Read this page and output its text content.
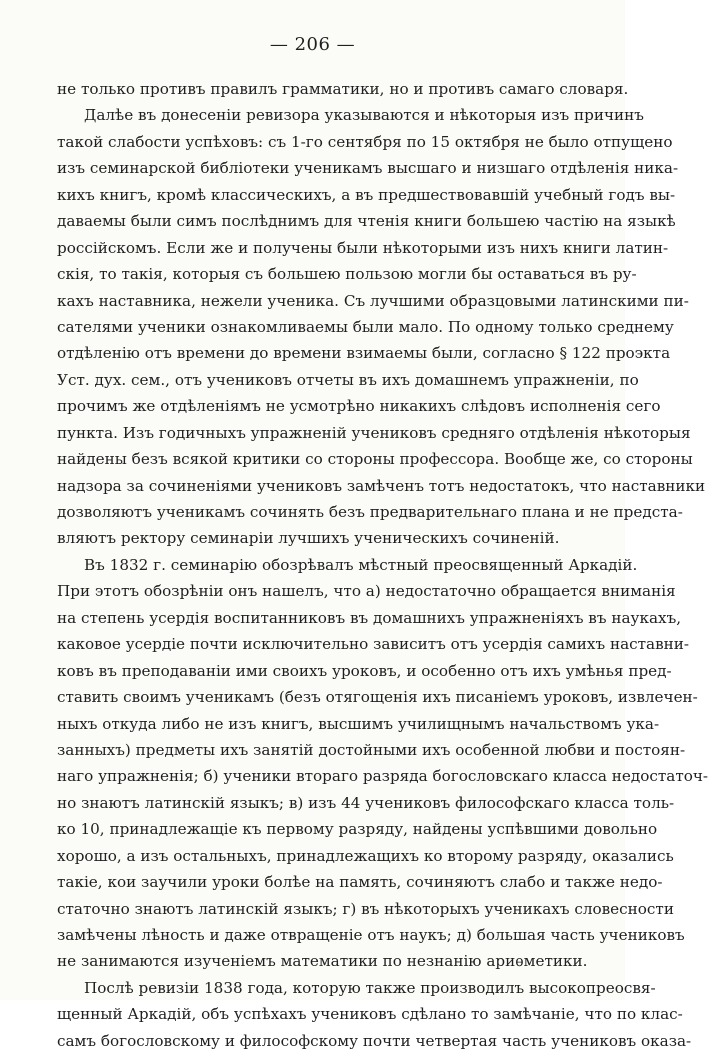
— 206 —
не только противъ правилъ грамматики, но и противъ самаго словаря.
Далѣе въ донесеніи ревизора указываются и нѣкоторыя изъ причинъ
такой слабости успѣховъ: съ 1-го сентября по 15 октября не было отпущено
изъ семинарской библіотеки ученикамъ высшаго и низшаго отдѣленія ника-
кихъ книгъ, кромѣ классическихъ, а въ предшествовавшій учебный годъ вы-
даваемы были симъ послѣднимъ для чтенія книги большею частію на языкѣ
россійскомъ. Если же и получены были нѣкоторыми изъ нихъ книги латин-
скія, то такія, которыя съ большею пользою могли бы оставаться въ ру-
кахъ наставника, нежели ученика. Съ лучшими образцовыми латинскими пи-
сателями ученики ознакомливаемы были мало. По одному только среднему
отдѣленію отъ времени до времени взимаемы были, согласно § 122 проэкта
Уст. дух. сем., отъ учениковъ отчеты въ ихъ домашнемъ упражненіи, по
прочимъ же отдѣленіямъ не усмотрѣно никакихъ слѣдовъ исполненія сего
пункта. Изъ годичныхъ упражненій учениковъ средняго отдѣленія нѣкоторыя
найдены безъ всякой критики со стороны профессора. Вообще же, со стороны
надзора за сочиненіями учениковъ замѣченъ тотъ недостатокъ, что наставники
дозволяютъ ученикамъ сочинять безъ предварительнаго плана и не предста-
вляютъ ректору семинаріи лучшихъ ученическихъ сочиненій.
Въ 1832 г. семинарію обозрѣвалъ мѣстный преосвященный Аркадій.
При этотъ обозрѣніи онъ нашелъ, что а) недостаточно обращается вниманія
на степень усердія воспитанниковъ въ домашнихъ упражненіяхъ въ наукахъ,
каковое усердіе почти исключительно зависитъ отъ усердія самихъ наставни-
ковъ въ преподаваніи ими своихъ уроковъ, и особенно отъ ихъ умѣнья пред-
ставить своимъ ученикамъ (безъ отягощенія ихъ писаніемъ уроковъ, извлечен-
ныхъ откуда либо не изъ книгъ, высшимъ училищнымъ начальствомъ ука-
занныхъ) предметы ихъ занятій достойными ихъ особенной любви и постоян-
наго упражненія; б) ученики втораго разряда богословскаго класса недостаточ-
но знаютъ латинскій языкъ; в) изъ 44 учениковъ философскаго класса толь-
ко 10, принадлежащіе къ первому разряду, найдены успѣвшими довольно
хорошо, а изъ остальныхъ, принадлежащихъ ко второму разряду, оказались
такіе, кои заучили уроки болѣе на память, сочиняютъ слабо и также недо-
статочно знаютъ латинскій языкъ; г) въ нѣкоторыхъ ученикахъ словесности
замѣчены лѣность и даже отвращеніе отъ наукъ; д) большая часть учениковъ
не занимаются изученіемъ математики по незнанію ариѳметики.
Послѣ ревизіи 1838 года, которую также производилъ высокопреосвя-
щенный Аркадій, объ успѣхахъ учениковъ сдѣлано то замѣчаніе, что по клас-
самъ богословскому и философскому почти четвертая часть учениковъ оказа-
